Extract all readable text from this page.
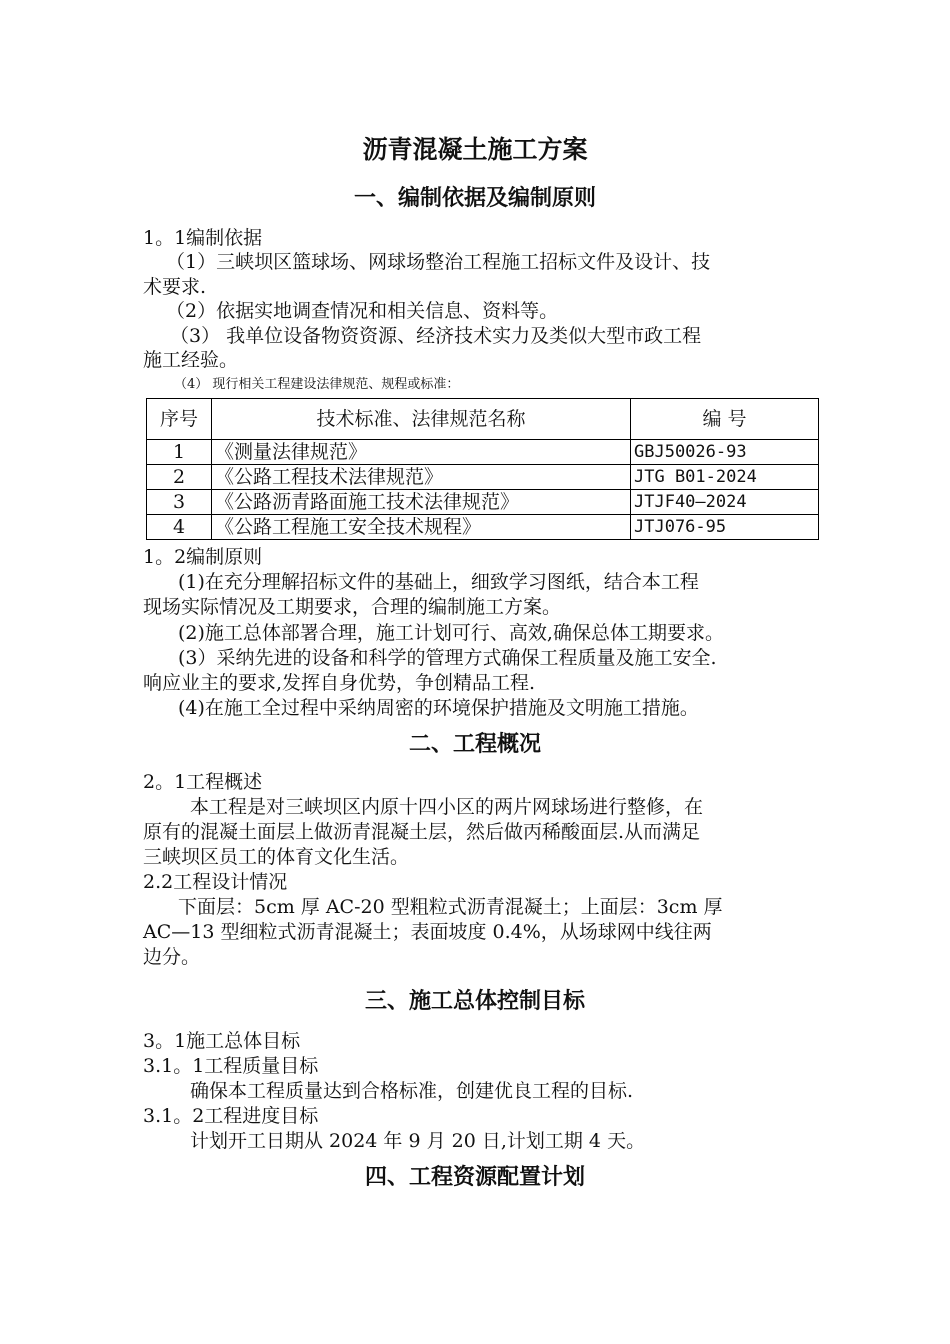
沥青混凝土施工方案
一、编制依据及编制原则
1。1编制依据
（1）三峡坝区篮球场、网球场整治工程施工招标文件及设计、技
术要求.
（2）依据实地调查情况和相关信息、资料等。
（3） 我单位设备物资资源、经济技术实力及类似大型市政工程
施工经验。
（4） 现行相关工程建设法律规范、规程或标准：
序号	技术标准、法律规范名称	编 号
1	《测量法律规范》	GBJ50026-93
2	《公路工程技术法律规范》	JTG B01-2024
3	《公路沥青路面施工技术法律规范》	JTJF40—2024
4	《公路工程施工安全技术规程》	JTJ076-95
1。2编制原则
(1)在充分理解招标文件的基础上，细致学习图纸，结合本工程
现场实际情况及工期要求，合理的编制施工方案。
(2)施工总体部署合理，施工计划可行、高效,确保总体工期要求。
(3）采纳先进的设备和科学的管理方式确保工程质量及施工安全.
响应业主的要求,发挥自身优势，争创精品工程.
(4)在施工全过程中采纳周密的环境保护措施及文明施工措施。
二、工程概况
2。1工程概述
本工程是对三峡坝区内原十四小区的两片网球场进行整修，在
原有的混凝土面层上做沥青混凝土层，然后做丙稀酸面层.从而满足
三峡坝区员工的体育文化生活。
2.2工程设计情况
下面层：5cm 厚 AC-20 型粗粒式沥青混凝土；上面层：3cm 厚
AC—13 型细粒式沥青混凝土；表面坡度 0.4%，从场球网中线往两
边分。
三、施工总体控制目标
3。1施工总体目标
3.1。1工程质量目标
确保本工程质量达到合格标准，创建优良工程的目标.
3.1。2工程进度目标
计划开工日期从 2024 年 9 月 20 日,计划工期 4 天。
四、工程资源配置计划
